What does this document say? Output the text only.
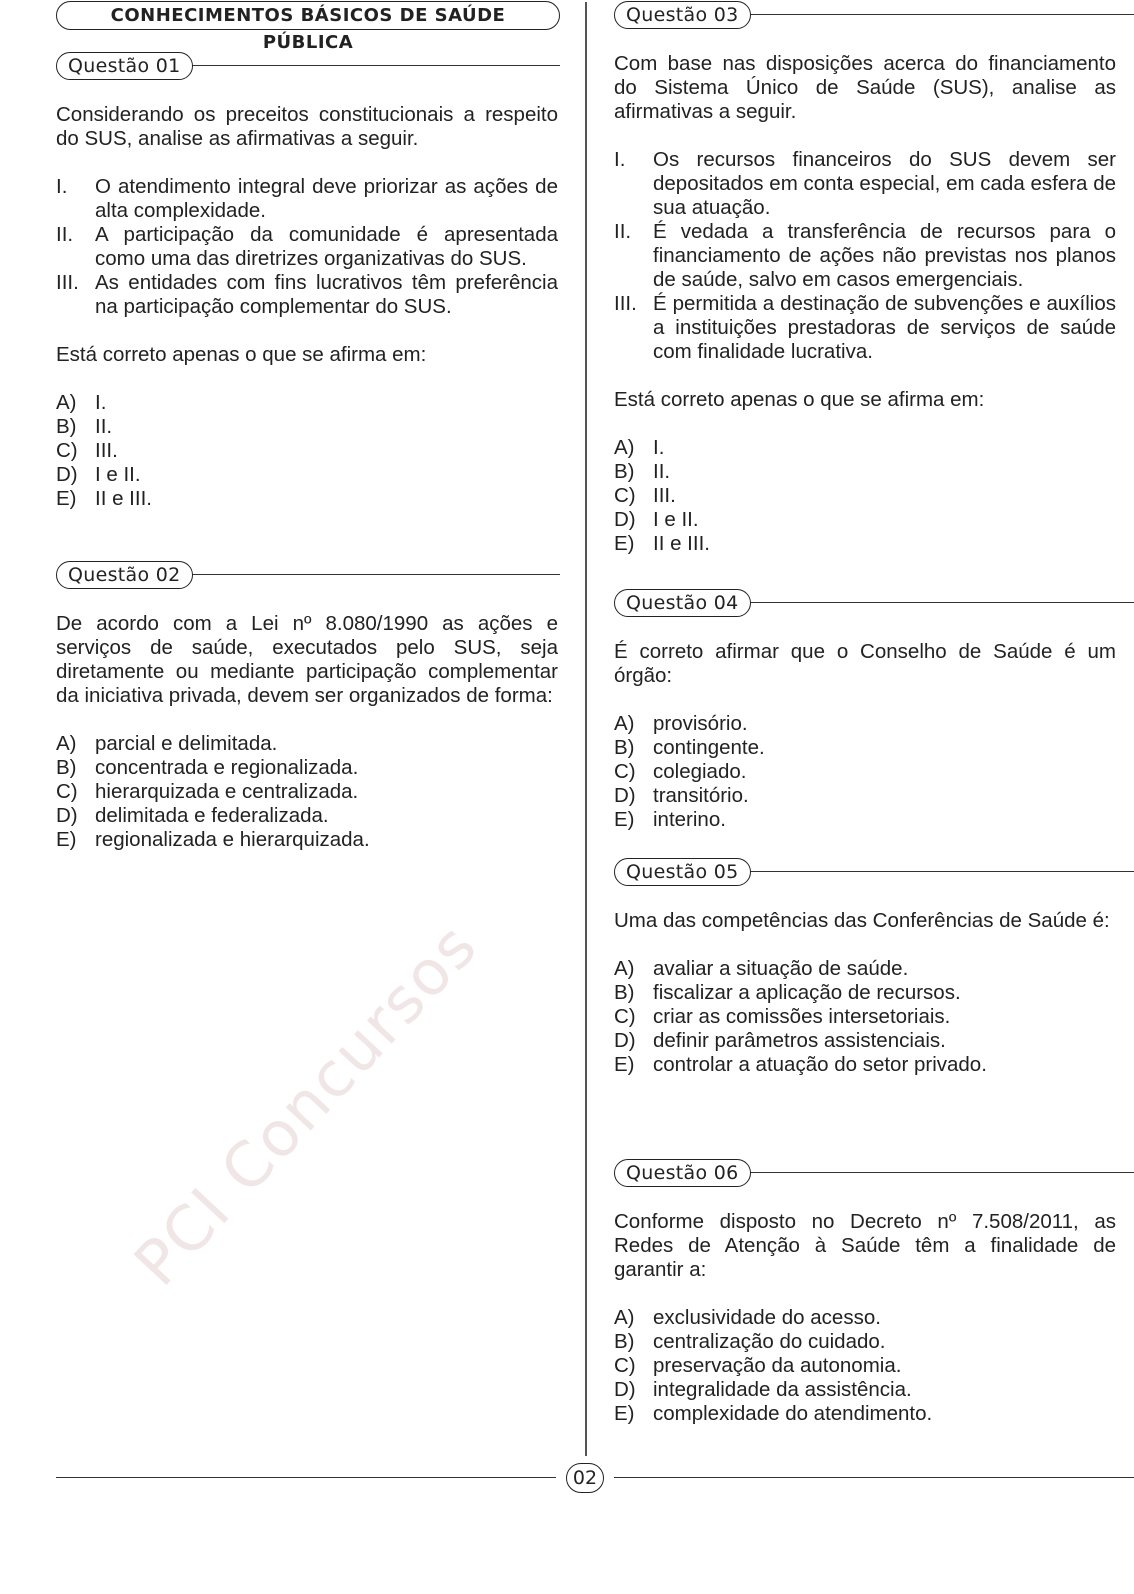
PCI Concursos
CONHECIMENTOS BÁSICOS DE SAÚDE PÚBLICA
Questão 01
Considerando os preceitos constitucionais a respeito do SUS, analise as afirmativas a seguir.
I.	O atendimento integral deve priorizar as ações de alta complexidade.
II.	A participação da comunidade é apresentada como uma das diretrizes organizativas do SUS.
III. As entidades com fins lucrativos têm preferência na participação complementar do SUS.
Está correto apenas o que se afirma em:
A) I.
B) II.
C) III.
D) I e II.
E) II e III.
Questão 02
De acordo com a Lei nº 8.080/1990 as ações e serviços de saúde, executados pelo SUS, seja diretamente ou mediante participação complementar da iniciativa privada, devem ser organizados de forma:
A) parcial e delimitada.
B) concentrada e regionalizada.
C) hierarquizada e centralizada.
D) delimitada e federalizada.
E) regionalizada e hierarquizada.
Questão 03
Com base nas disposições acerca do financiamento do Sistema Único de Saúde (SUS), analise as afirmativas a seguir.
I.	Os recursos financeiros do SUS devem ser depositados em conta especial, em cada esfera de sua atuação.
II.	É vedada a transferência de recursos para o financiamento de ações não previstas nos planos de saúde, salvo em casos emergenciais.
III. É permitida a destinação de subvenções e auxílios a instituições prestadoras de serviços de saúde com finalidade lucrativa.
Está correto apenas o que se afirma em:
A) I.
B) II.
C) III.
D) I e II.
E) II e III.
Questão 04
É correto afirmar que o Conselho de Saúde é um órgão:
A) provisório.
B) contingente.
C) colegiado.
D) transitório.
E) interino.
Questão 05
Uma das competências das Conferências de Saúde é:
A) avaliar a situação de saúde.
B) fiscalizar a aplicação de recursos.
C) criar as comissões intersetoriais.
D) definir parâmetros assistenciais.
E) controlar a atuação do setor privado.
Questão 06
Conforme disposto no Decreto nº 7.508/2011, as Redes de Atenção à Saúde têm a finalidade de garantir a:
A) exclusividade do acesso.
B) centralização do cuidado.
C) preservação da autonomia.
D) integralidade da assistência.
E) complexidade do atendimento.
02
